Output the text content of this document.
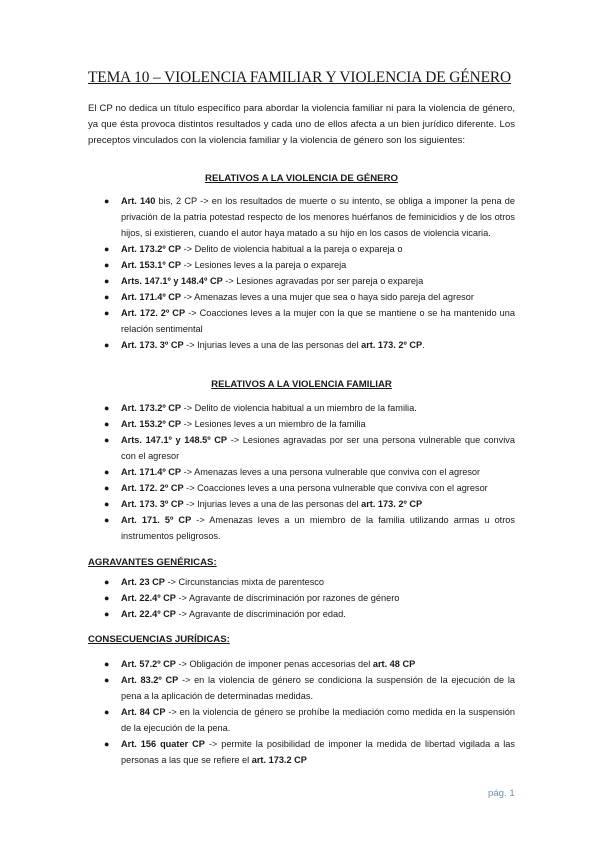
TEMA 10 – VIOLENCIA FAMILIAR Y VIOLENCIA DE GÉNERO

El CP no dedica un título específico para abordar la violencia familiar ni para la violencia de género, ya que ésta provoca distintos resultados y cada uno de ellos afecta a un bien jurídico diferente. Los preceptos vinculados con la violencia familiar y la violencia de género son los siguientes:

RELATIVOS A LA VIOLENCIA DE GÉNERO

● Art. 140 bis, 2 CP -> en los resultados de muerte o su intento, se obliga a imponer la pena de privación de la patria potestad respecto de los menores huérfanos de feminicidios y de los otros hijos, si existieren, cuando el autor haya matado a su hijo en los casos de violencia vicaria.
● Art. 173.2º CP -> Delito de violencia habitual a la pareja o expareja o
● Art. 153.1º CP -> Lesiones leves a la pareja o expareja
● Arts. 147.1º y 148.4º CP -> Lesiones agravadas por ser pareja o expareja
● Art. 171.4º CP -> Amenazas leves a una mujer que sea o haya sido pareja del agresor
● Art. 172. 2º CP -> Coacciones leves a la mujer con la que se mantiene o se ha mantenido una relación sentimental
● Art. 173. 3º CP -> Injurias leves a una de las personas del art. 173. 2º CP.

RELATIVOS A LA VIOLENCIA FAMILIAR

● Art. 173.2º CP -> Delito de violencia habitual a un miembro de la familia.
● Art. 153.2º CP -> Lesiones leves a un miembro de la familia
● Arts. 147.1º y 148.5º CP -> Lesiones agravadas por ser una persona vulnerable que conviva con el agresor
● Art. 171.4º CP -> Amenazas leves a una persona vulnerable que conviva con el agresor
● Art. 172. 2º CP -> Coacciones leves a una persona vulnerable que conviva con el agresor
● Art. 173. 3º CP -> Injurias leves a una de las personas del art. 173. 2º CP
● Art. 171. 5º CP -> Amenazas leves a un miembro de la familia utilizando armas u otros instrumentos peligrosos.

AGRAVANTES GENÉRICAS:

● Art. 23 CP -> Circunstancias mixta de parentesco
● Art. 22.4º CP -> Agravante de discriminación por razones de género
● Art. 22.4º CP -> Agravante de discriminación por edad.

CONSECUENCIAS JURÍDICAS:

● Art. 57.2º CP -> Obligación de imponer penas accesorias del art. 48 CP
● Art. 83.2º CP -> en la violencia de género se condiciona la suspensión de la ejecución de la pena a la aplicación de determinadas medidas.
● Art. 84 CP -> en la violencia de género se prohíbe la mediación como medida en la suspensión de la ejecución de la pena.
● Art. 156 quater CP -> permite la posibilidad de imponer la medida de libertad vigilada a las personas a las que se refiere el art. 173.2 CP
pág. 1
